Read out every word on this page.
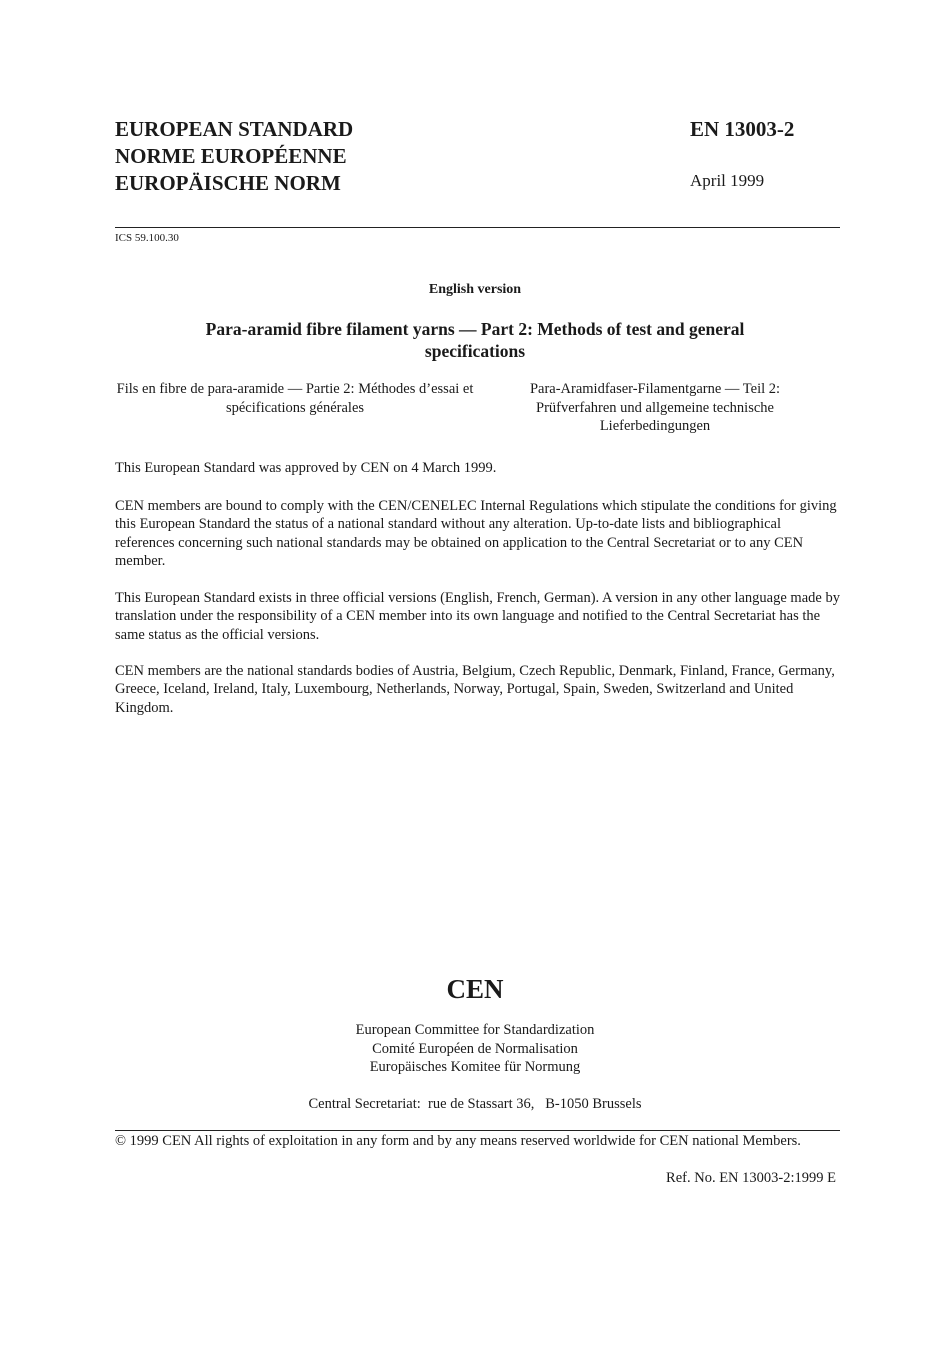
EUROPEAN STANDARD
NORME EUROPÉENNE
EUROPÄISCHE NORM
EN 13003-2
April 1999
ICS 59.100.30
English version
Para-aramid fibre filament yarns — Part 2: Methods of test and general specifications
Fils en fibre de para-aramide — Partie 2: Méthodes d’essai et spécifications générales
Para-Aramidfaser-Filamentgarne — Teil 2: Prüfverfahren und allgemeine technische Lieferbedingungen
This European Standard was approved by CEN on 4 March 1999.
CEN members are bound to comply with the CEN/CENELEC Internal Regulations which stipulate the conditions for giving this European Standard the status of a national standard without any alteration. Up-to-date lists and bibliographical references concerning such national standards may be obtained on application to the Central Secretariat or to any CEN member.
This European Standard exists in three official versions (English, French, German). A version in any other language made by translation under the responsibility of a CEN member into its own language and notified to the Central Secretariat has the same status as the official versions.
CEN members are the national standards bodies of Austria, Belgium, Czech Republic, Denmark, Finland, France, Germany, Greece, Iceland, Ireland, Italy, Luxembourg, Netherlands, Norway, Portugal, Spain, Sweden, Switzerland and United Kingdom.
CEN
European Committee for Standardization
Comité Européen de Normalisation
Europäisches Komitee für Normung
Central Secretariat:  rue de Stassart 36,   B-1050 Brussels
© 1999 CEN All rights of exploitation in any form and by any means reserved worldwide for CEN national Members.
Ref. No. EN 13003-2:1999 E
